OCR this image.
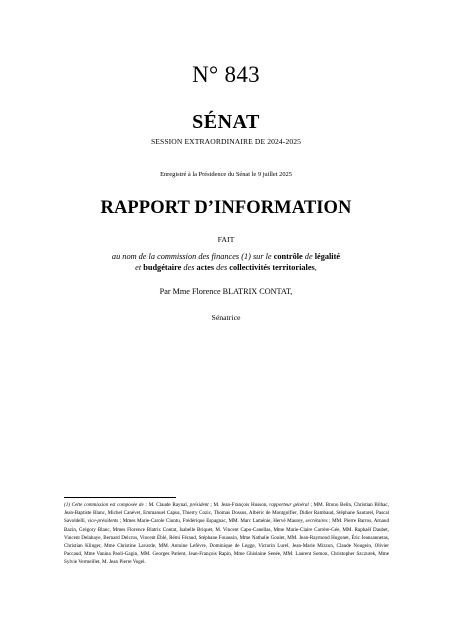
N° 843
SÉNAT
SESSION EXTRAORDINAIRE DE 2024-2025
Enregistré à la Présidence du Sénat le 9 juillet 2025
RAPPORT D’INFORMATION
FAIT
au nom de la commission des finances (1) sur le contrôle de légalité
et budgétaire des actes des collectivités territoriales,
Par Mme Florence BLATRIX CONTAT,
Sénatrice
(1) Cette commission est composée de : M. Claude Raynal, président ; M. Jean-François Husson, rapporteur général ; MM. Bruno Belin, Christian Bilhac, Jean-Baptiste Blanc, Michel Canévet, Emmanuel Capus, Thierry Cozic, Thomas Dossus, Albéric de Montgolfier, Didier Rambaud, Stéphane Sautarel, Pascal Savoldelli, vice-présidents ; Mmes Marie-Carole Ciuntu, Frédérique Espagnac, MM. Marc Laménie, Hervé Maurey, secrétaires ; MM. Pierre Barros, Arnaud Bazin, Grégory Blanc, Mmes Florence Blatrix Contat, Isabelle Briquet, M. Vincent Capo-Canellas, Mme Marie-Claire Carrère-Gée, MM. Raphaël Daubet, Vincent Delahaye, Bernard Delcros, Vincent Éblé, Rémi Féraud, Stéphane Fouassin, Mme Nathalie Goulet, MM. Jean-Raymond Hugonet, Éric Jeansannetas, Christian Klinger, Mme Christine Lavarde, MM. Antoine Lefèvre, Dominique de Legge, Victorin Lurel, Jean-Marie Mizzon, Claude Nougein, Olivier Paccaud, Mme Vanina Paoli-Gagin, MM. Georges Patient, Jean-François Rapin, Mme Ghislaine Senée, MM. Laurent Somon, Christopher Szczurek, Mme Sylvie Vermeillet, M. Jean Pierre Vogel.
